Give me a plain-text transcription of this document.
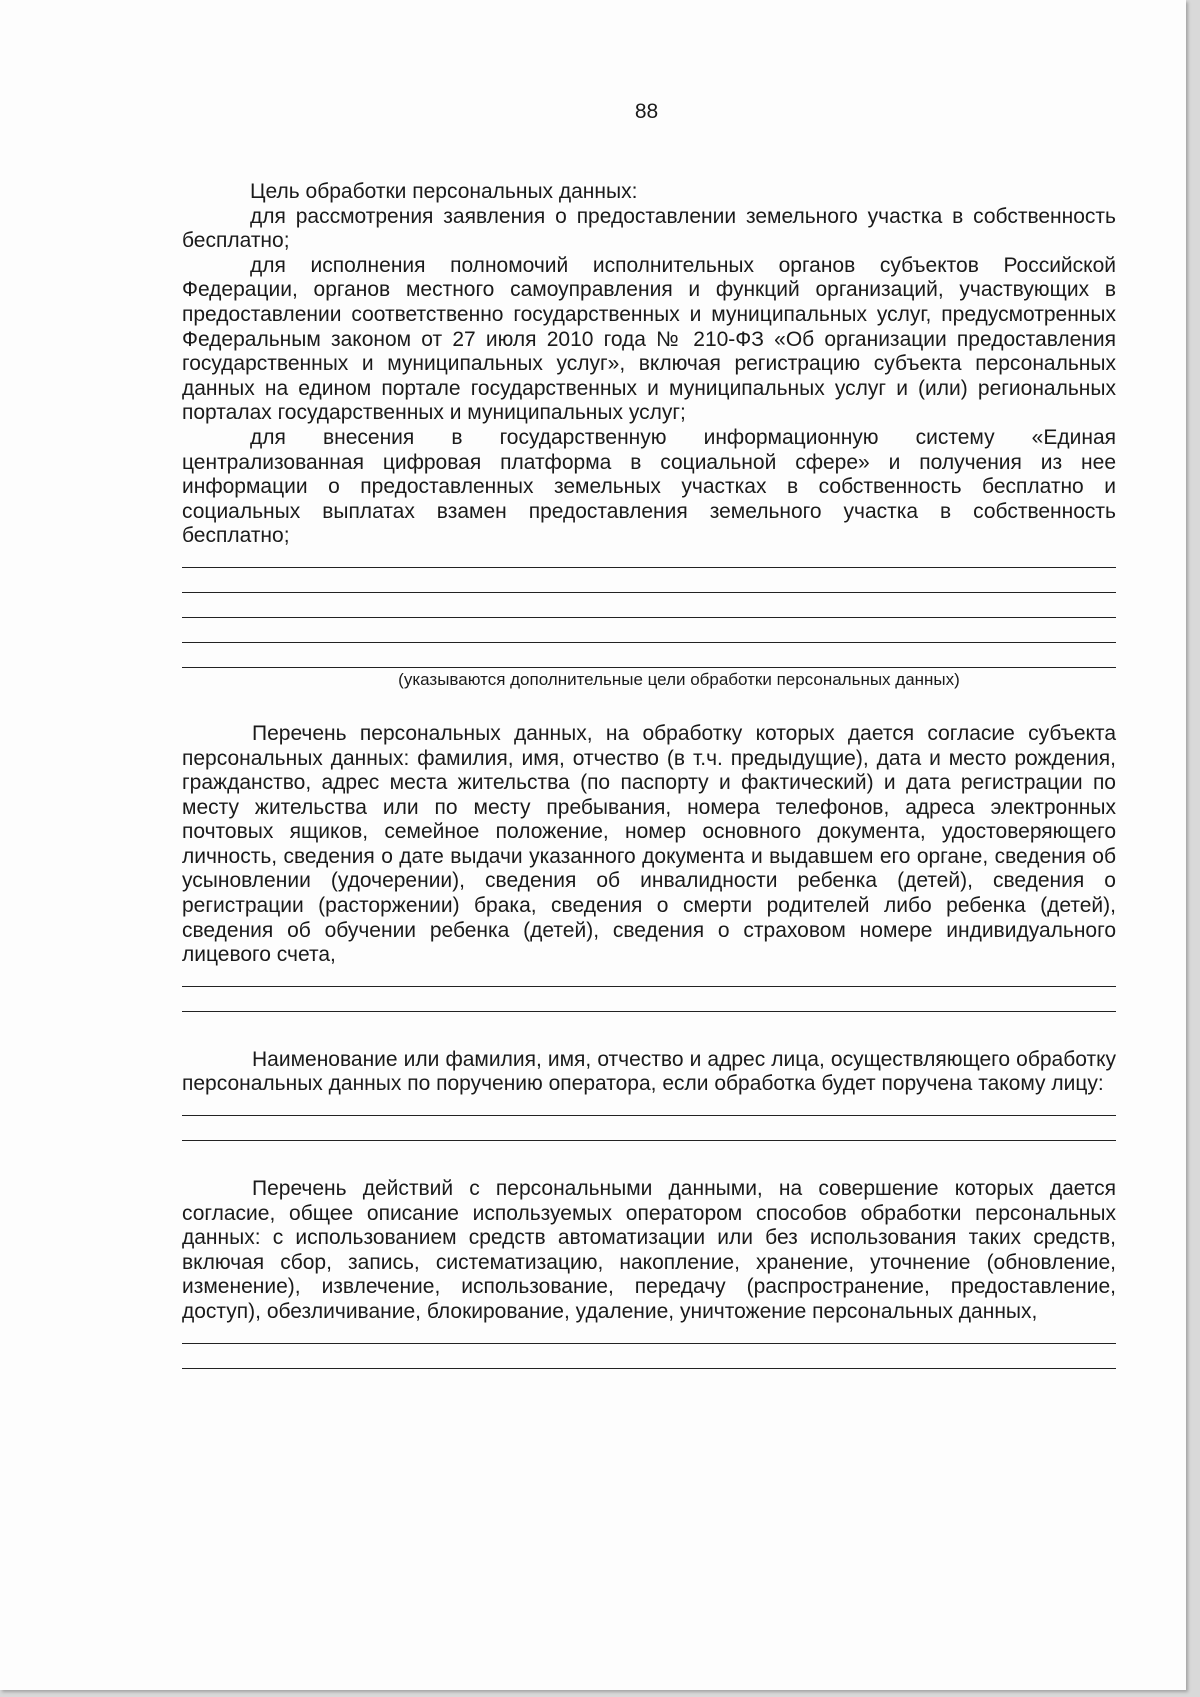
88

Цель обработки персональных данных:

для рассмотрения заявления о предоставлении земельного участка в собственность бесплатно;

для исполнения полномочий исполнительных органов субъектов Российской Федерации, органов местного самоуправления и функций организаций, участвующих в предоставлении соответственно государственных и муниципальных услуг, предусмотренных Федеральным законом от 27 июля 2010 года № 210-ФЗ «Об организации предоставления государственных и муниципальных услуг», включая регистрацию субъекта персональных данных на едином портале государственных и муниципальных услуг и (или) региональных порталах государственных и муниципальных услуг;

для внесения в государственную информационную систему «Единая централизованная цифровая платформа в социальной сфере» и получения из нее информации о предоставленных земельных участках в собственность бесплатно и социальных выплатах взамен предоставления земельного участка в собственность бесплатно;

(указываются дополнительные цели обработки персональных данных)

Перечень персональных данных, на обработку которых дается согласие субъекта персональных данных: фамилия, имя, отчество (в т.ч. предыдущие), дата и место рождения, гражданство, адрес места жительства (по паспорту и фактический) и дата регистрации по месту жительства или по месту пребывания, номера телефонов, адреса электронных почтовых ящиков, семейное положение, номер основного документа, удостоверяющего личность, сведения о дате выдачи указанного документа и выдавшем его органе, сведения об усыновлении (удочерении), сведения об инвалидности ребенка (детей), сведения о регистрации (расторжении) брака, сведения о смерти родителей либо ребенка (детей), сведения об обучении ребенка (детей), сведения о страховом номере индивидуального лицевого счета,

Наименование или фамилия, имя, отчество и адрес лица, осуществляющего обработку персональных данных по поручению оператора, если обработка будет поручена такому лицу:

Перечень действий с персональными данными, на совершение которых дается согласие, общее описание используемых оператором способов обработки персональных данных: с использованием средств автоматизации или без использования таких средств, включая сбор, запись, систематизацию, накопление, хранение, уточнение (обновление, изменение), извлечение, использование, передачу (распространение, предоставление, доступ), обезличивание, блокирование, удаление, уничтожение персональных данных,
